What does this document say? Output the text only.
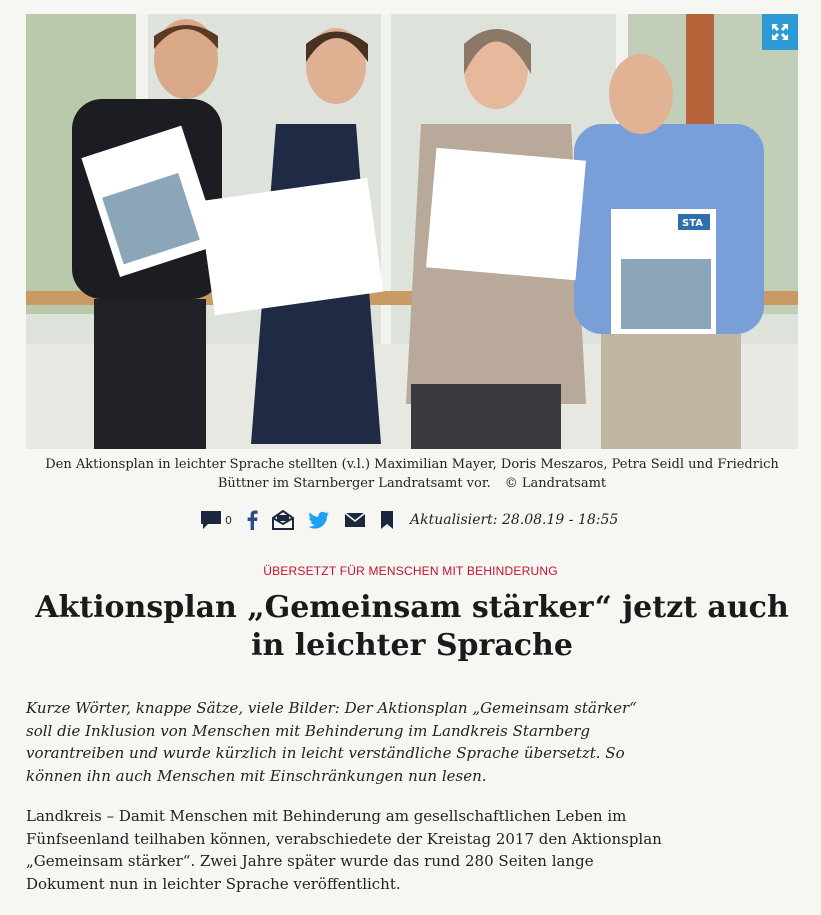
STA
Den Aktionsplan in leichter Sprache stellten (v.l.) Maximilian Mayer, Doris Meszaros, Petra Seidl und Friedrich Büttner im Starnberger Landratsamt vor. © Landratsamt
0	Aktualisiert: 28.08.19 - 18:55
ÜBERSETZT FÜR MENSCHEN MIT BEHINDERUNG
Aktionsplan „Gemeinsam stärker“ jetzt auch in leichter Sprache

Kurze Wörter, knappe Sätze, viele Bilder: Der Aktionsplan „Gemeinsam stärker“ soll die Inklusion von Menschen mit Behinderung im Landkreis Starnberg vorantreiben und wurde kürzlich in leicht verständliche Sprache übersetzt. So können ihn auch Menschen mit Einschränkungen nun lesen.

Landkreis – Damit Menschen mit Behinderung am gesellschaftlichen Leben im Fünfseenland teilhaben können, verabschiedete der Kreistag 2017 den Aktionsplan „Gemeinsam stärker“. Zwei Jahre später wurde das rund 280 Seiten lange Dokument nun in leichter Sprache veröffentlicht.
